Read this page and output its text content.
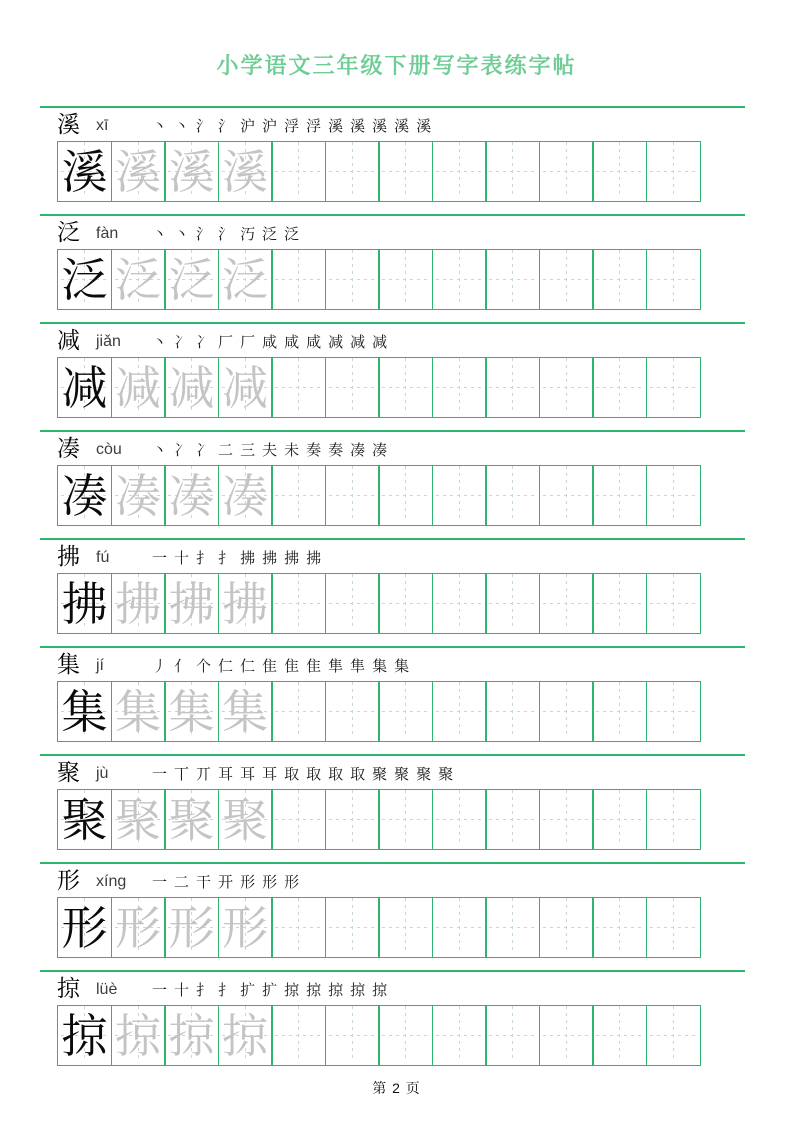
小学语文三年级下册写字表练字帖
溪 xī	丶 丶 氵 氵 沪 沪 浮 浮 溪 溪 溪 溪 溪
溪 溪 溪 溪
泛 fàn	丶 丶 氵 氵 汅 泛 泛
泛 泛 泛 泛
减 jiǎn	丶 冫 冫 厂 厂 咸 咸 咸 减 减 减
减 减 减 减
凑 còu	丶 冫 冫 二 三 夫 未 奏 奏 凑 凑
凑 凑 凑 凑
拂 fú	一 十 扌 扌 拂 拂 拂 拂
拂 拂 拂 拂
集 jí	丿 亻 个 仁 仁 隹 隹 隹 隼 隼 集 集
集 集 集 集
聚 jù	一 丅 丌 耳 耳 耳 取 取 取 取 聚 聚 聚 聚
聚 聚 聚 聚
形 xíng	一 二 干 开 形 形 形
形 形 形 形
掠 lüè	一 十 扌 扌 扩 扩 掠 掠 掠 掠 掠
掠 掠 掠 掠
第 2 页
